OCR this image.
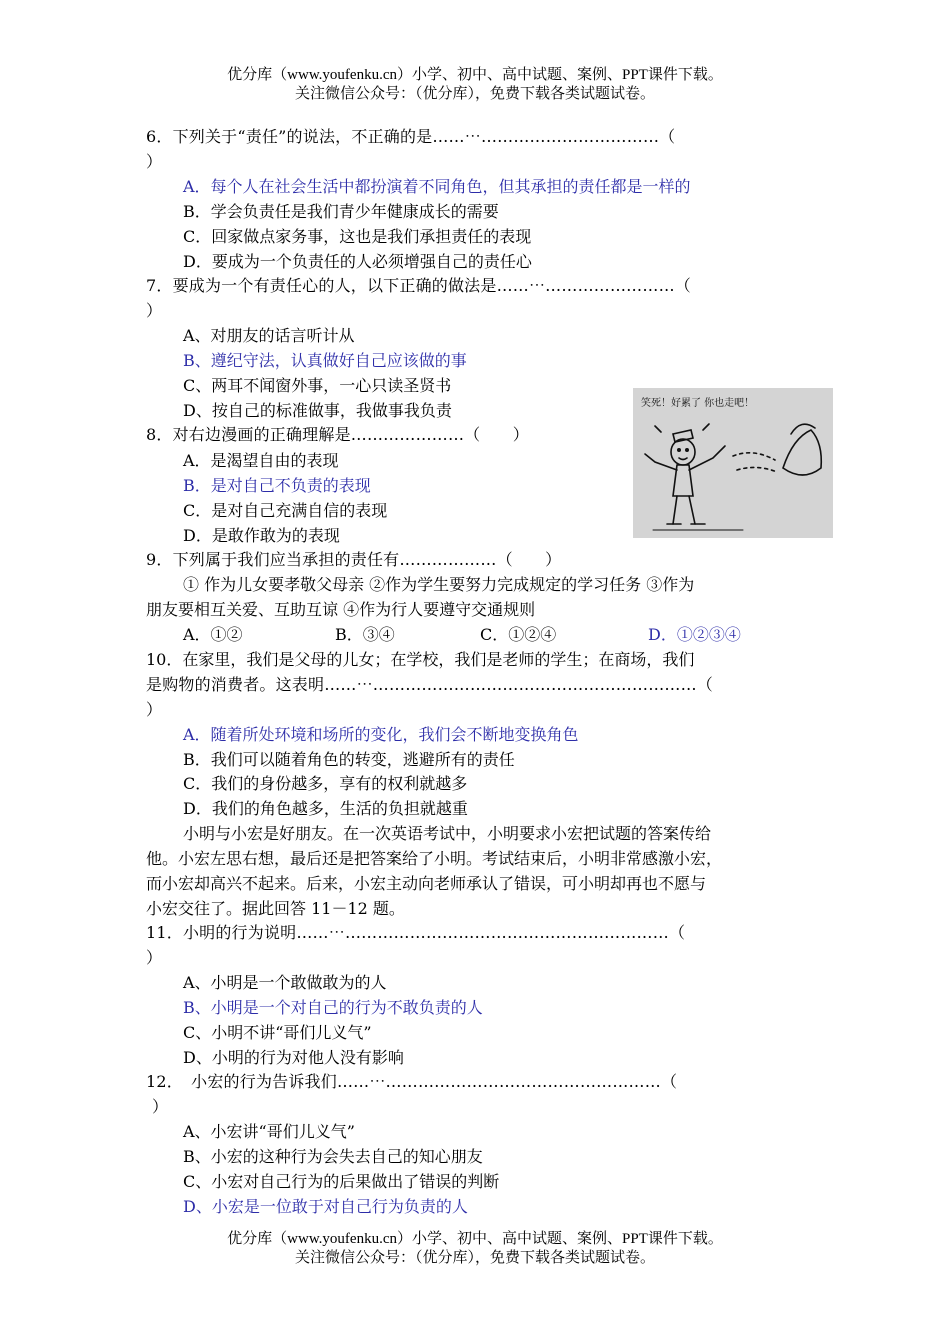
优分库（www.youfenku.cn）小学、初中、高中试题、案例、PPT课件下载。
关注微信公众号：（优分库），免费下载各类试题试卷。
6．下列关于“责任”的说法，不正确的是……⋯……………………………（
）
A．每个人在社会生活中都扮演着不同角色，但其承担的责任都是一样的
B．学会负责任是我们青少年健康成长的需要
C．回家做点家务事，这也是我们承担责任的表现
D．要成为一个负责任的人必须增强自己的责任心
7．要成为一个有责任心的人，以下正确的做法是……⋯……………………（
）
A、对朋友的话言听计从
B、遵纪守法，认真做好自己应该做的事
C、两耳不闻窗外事，一心只读圣贤书
D、按自己的标准做事，我做事我负责
8．对右边漫画的正确理解是…………………（　　）
A．是渴望自由的表现
B．是对自己不负责的表现
C．是对自己充满自信的表现
D．是敢作敢为的表现
笑死！好累了 你也走吧！
9．下列属于我们应当承担的责任有………………（　　）
① 作为儿女要孝敬父母亲 ②作为学生要努力完成规定的学习任务 ③作为
朋友要相互关爱、互助互谅 ④作为行人要遵守交通规则
A．①②	B．③④	C．①②④	D．①②③④
10．在家里，我们是父母的儿女；在学校，我们是老师的学生；在商场，我们
是购物的消费者。这表明……⋯……………………………………………………（
）
A．随着所处环境和场所的变化，我们会不断地变换角色
B．我们可以随着角色的转变，逃避所有的责任
C．我们的身份越多，享有的权利就越多
D．我们的角色越多，生活的负担就越重
小明与小宏是好朋友。在一次英语考试中，小明要求小宏把试题的答案传给
他。小宏左思右想，最后还是把答案给了小明。考试结束后，小明非常感激小宏，
而小宏却高兴不起来。后来，小宏主动向老师承认了错误，可小明却再也不愿与
小宏交往了。据此回答 11－12 题。
11．小明的行为说明……⋯……………………………………………………（
）
A、小明是一个敢做敢为的人
B、小明是一个对自己的行为不敢负责的人
C、小明不讲“哥们儿义气”
D、小明的行为对他人没有影响
12．　小宏的行为告诉我们……⋯……………………………………………（
）
A、小宏讲“哥们儿义气”
B、小宏的这种行为会失去自己的知心朋友
C、小宏对自己行为的后果做出了错误的判断
D、小宏是一位敢于对自己行为负责的人
优分库（www.youfenku.cn）小学、初中、高中试题、案例、PPT课件下载。
关注微信公众号：（优分库），免费下载各类试题试卷。
